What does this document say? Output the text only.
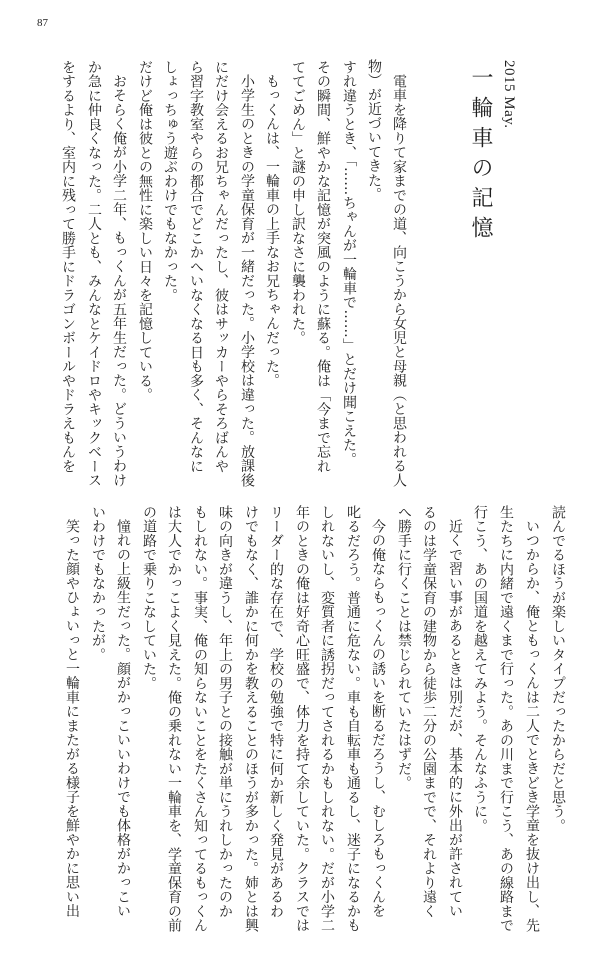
87
2015 May.
一輪車の記憶
電車を降りて家までの道、向こうから女児と母親（と思われる人
物）が近づいてきた。
すれ違うとき、「……ちゃんが一輪車で……」とだけ聞こえた。
その瞬間、鮮やかな記憶が突風のように蘇る。俺は「今まで忘れ
ててごめん」と謎の申し訳なさに襲われた。
もっくんは、一輪車の上手なお兄ちゃんだった。
小学生のときの学童保育が一緒だった。小学校は違った。放課後
にだけ会えるお兄ちゃんだったし、彼はサッカーやらそろばんや
ら習字教室やらの都合でどこかへいなくなる日も多く、そんなに
しょっちゅう遊ぶわけでもなかった。
だけど俺は彼との無性に楽しい日々を記憶している。
おそらく俺が小学二年、もっくんが五年生だった。どういうわけ
か急に仲良くなった。二人とも、みんなとケイドロやキックベース
をするより、室内に残って勝手にドラゴンボールやドラえもんを
読んでるほうが楽しいタイプだったからだと思う。
いつからか、俺ともっくんは二人でときどき学童を抜け出し、先
生たちに内緒で遠くまで行った。あの川まで行こう、あの線路まで
行こう、あの国道を越えてみよう。そんなふうに。
近くで習い事があるときは別だが、基本的に外出が許されてい
るのは学童保育の建物から徒歩二分の公園までで、それより遠く
へ勝手に行くことは禁じられていたはずだ。
今の俺ならもっくんの誘いを断るだろうし、むしろもっくんを
叱るだろう。普通に危ない。車も自転車も通るし、迷子になるかも
しれないし、変質者に誘拐だってされるかもしれない。だが小学二
年のときの俺は好奇心旺盛で、体力を持て余していた。クラスでは
リーダー的な存在で、学校の勉強で特に何か新しく発見があるわ
けでもなく、誰かに何かを教えることのほうが多かった。姉とは興
味の向きが違うし、年上の男子との接触が単にうれしかったのか
もしれない。事実、俺の知らないことをたくさん知ってるもっくん
は大人でかっこよく見えた。俺の乗れない一輪車を、学童保育の前
の道路で乗りこなしていた。
憧れの上級生だった。顔がかっこいいわけでも体格がかっこい
いわけでもなかったが。
笑った顔やひょいっと一輪車にまたがる様子を鮮やかに思い出
